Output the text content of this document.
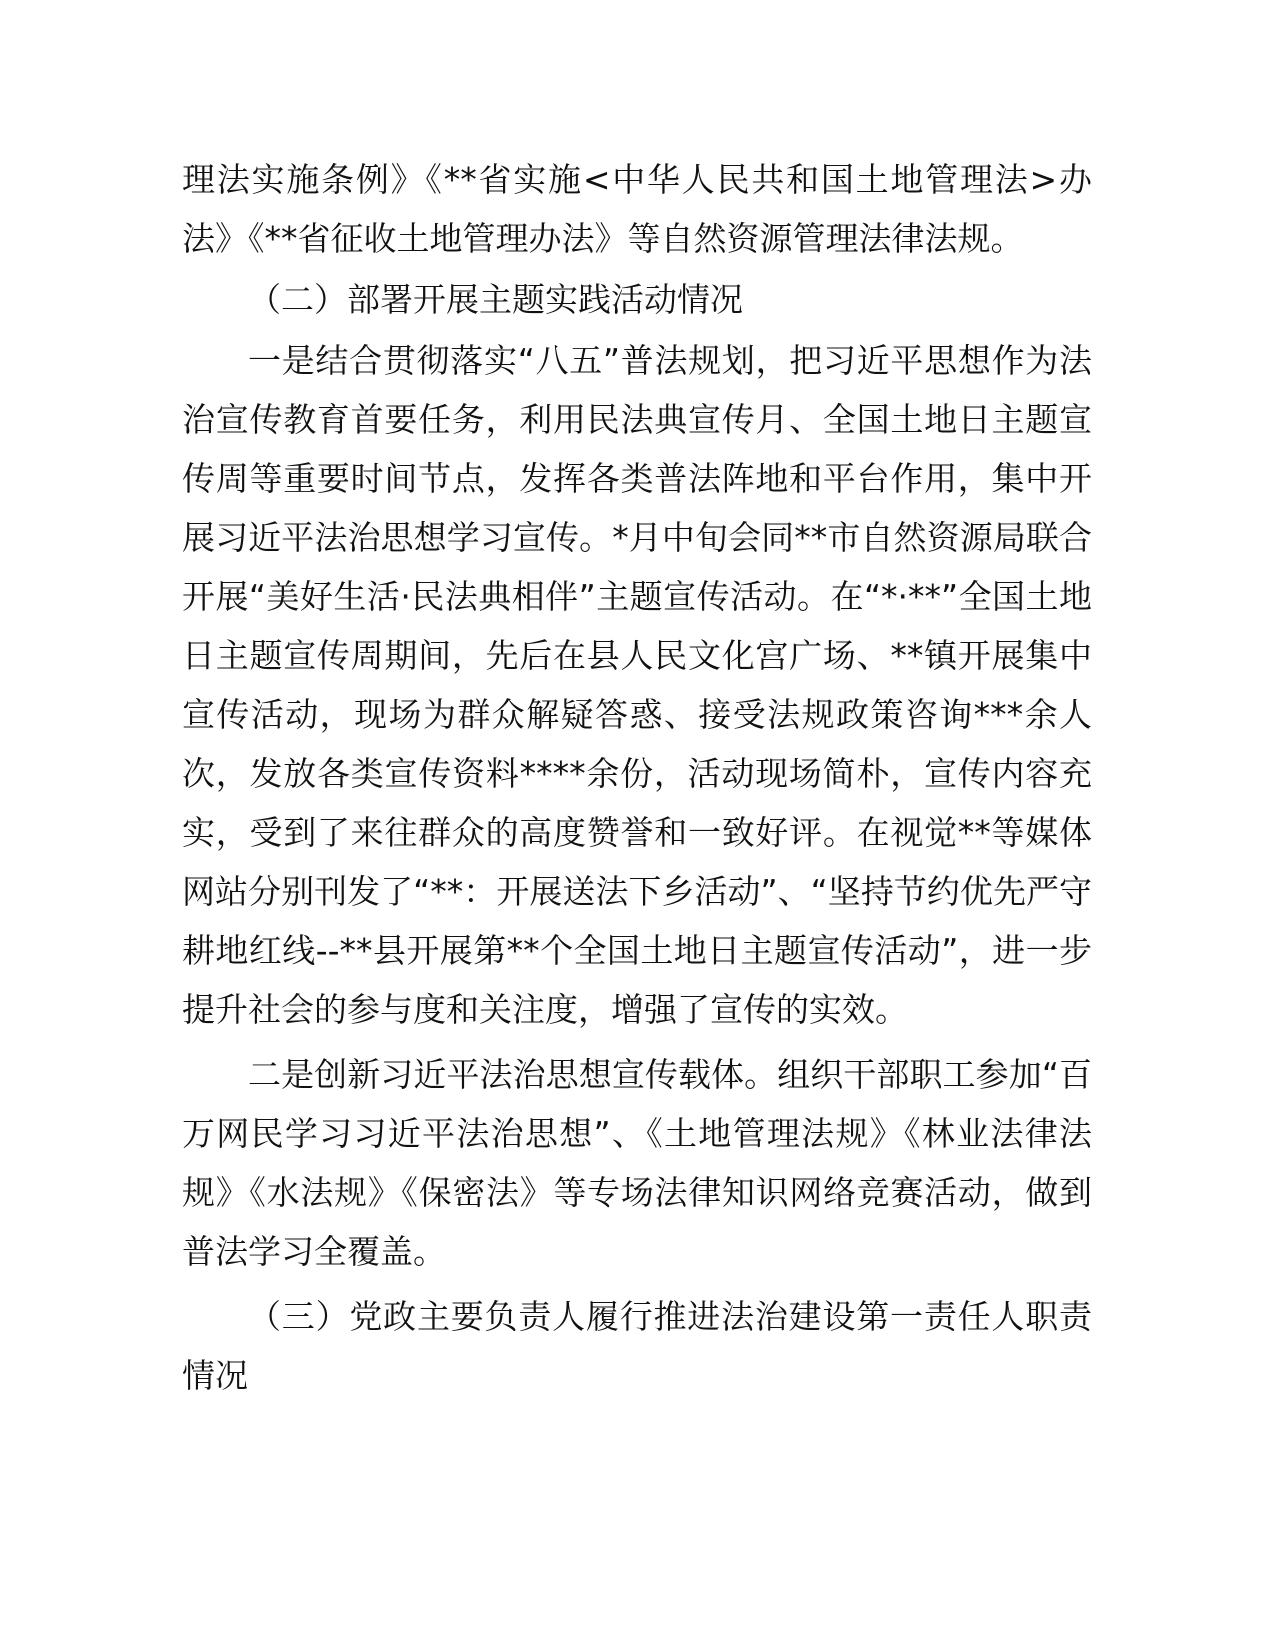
理法实施条例》《**省实施<中华人民共和国土地管理法>办法》《**省征收土地管理办法》等自然资源管理法律法规。

（二）部署开展主题实践活动情况

一是结合贯彻落实“八五”普法规划，把习近平思想作为法治宣传教育首要任务，利用民法典宣传月、全国土地日主题宣传周等重要时间节点，发挥各类普法阵地和平台作用，集中开展习近平法治思想学习宣传。*月中旬会同**市自然资源局联合开展“美好生活·民法典相伴”主题宣传活动。在“*·**”全国土地日主题宣传周期间，先后在县人民文化宫广场、**镇开展集中宣传活动，现场为群众解疑答惑、接受法规政策咨询***余人次，发放各类宣传资料****余份，活动现场简朴，宣传内容充实，受到了来往群众的高度赞誉和一致好评。在视觉**等媒体网站分别刊发了“**：开展送法下乡活动”、“坚持节约优先严守耕地红线--**县开展第**个全国土地日主题宣传活动”，进一步提升社会的参与度和关注度，增强了宣传的实效。

二是创新习近平法治思想宣传载体。组织干部职工参加“百万网民学习习近平法治思想”、《土地管理法规》《林业法律法规》《水法规》《保密法》等专场法律知识网络竞赛活动，做到普法学习全覆盖。

（三）党政主要负责人履行推进法治建设第一责任人职责情况
